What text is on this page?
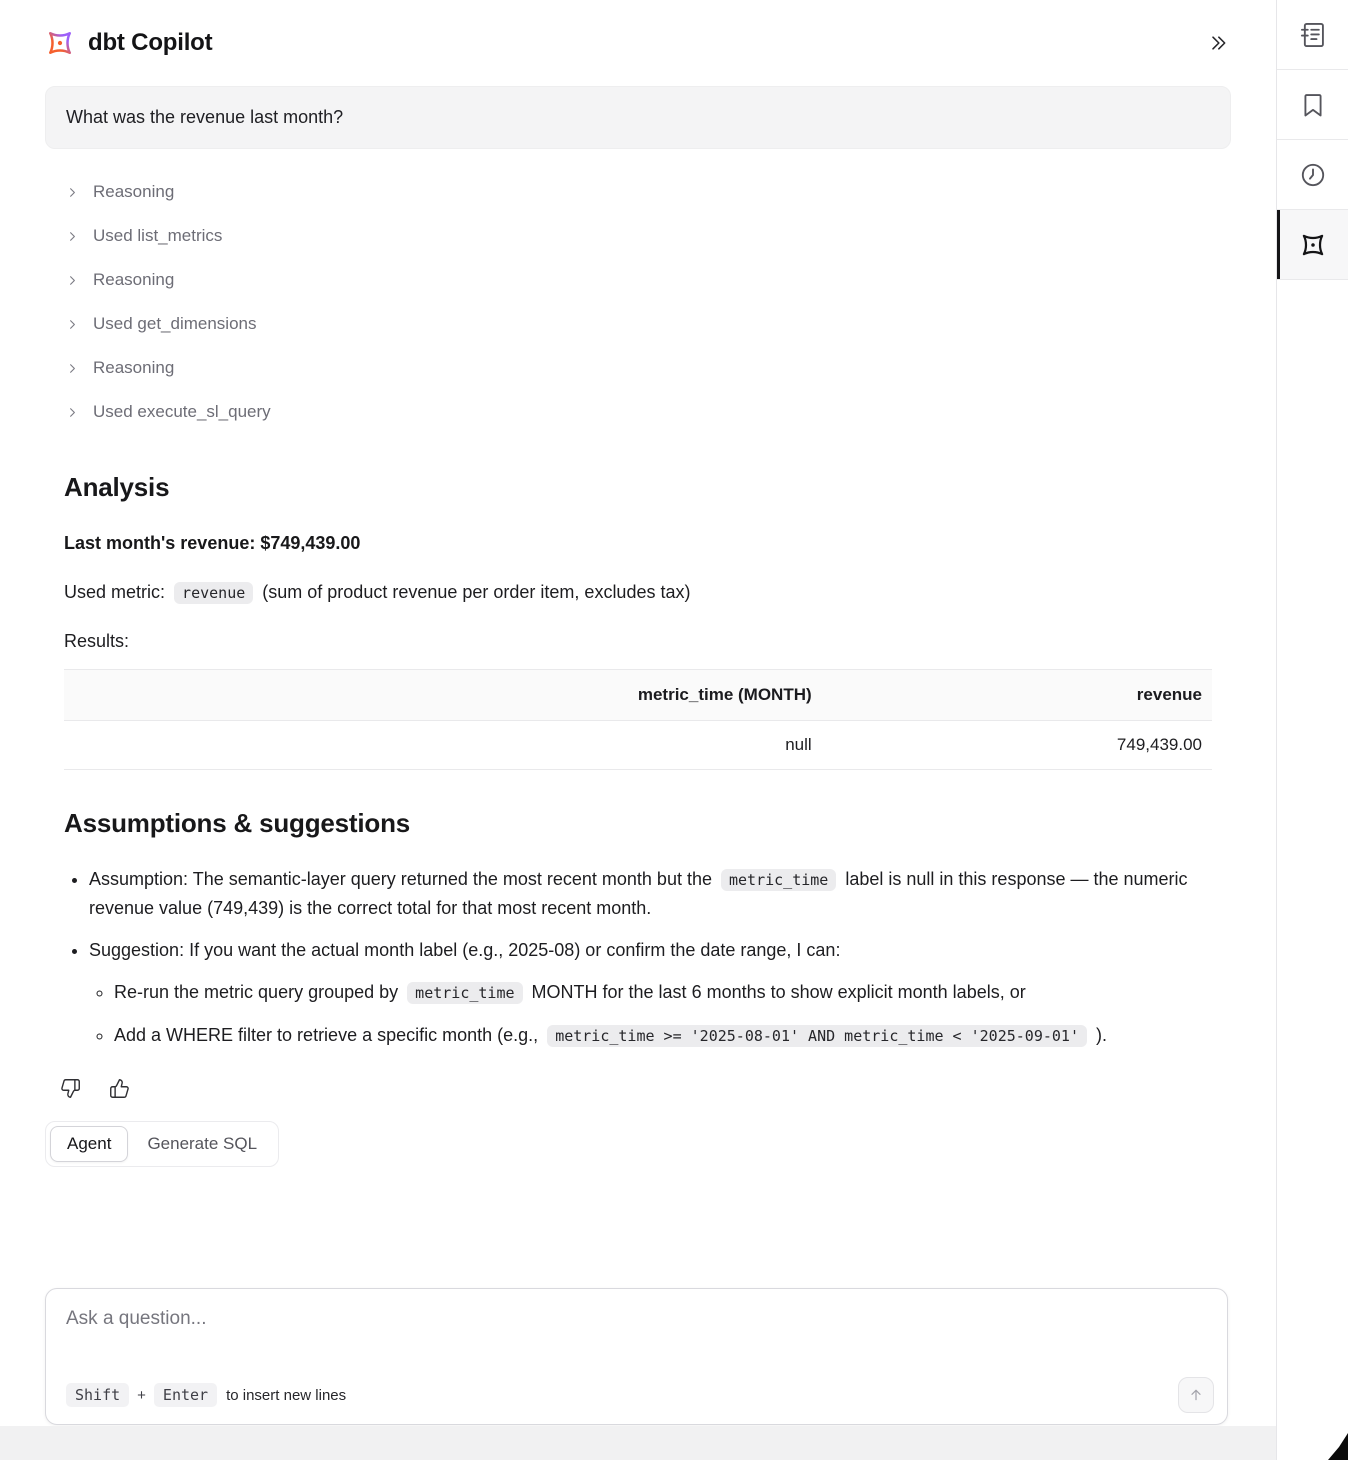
dbt Copilot
What was the revenue last month?
Reasoning
Used list_metrics
Reasoning
Used get_dimensions
Reasoning
Used execute_sl_query
Analysis

Last month's revenue: $749,439.00

Used metric: revenue (sum of product revenue per order item, excludes tax)

Results:

metric_time (MONTH)	revenue
null	749,439.00
Assumptions & suggestions
• Assumption: The semantic-layer query returned the most recent month but the metric_time label is null in this response — the numeric revenue value (749,439) is the correct total for that most recent month.
• Suggestion: If you want the actual month label (e.g., 2025-08) or confirm the date range, I can:
◦ Re-run the metric query grouped by metric_time MONTH for the last 6 months to show explicit month labels, or
◦ Add a WHERE filter to retrieve a specific month (e.g., metric_time >= '2025-08-01' AND metric_time < '2025-09-01' ).
Agent	Generate SQL
Ask a question...
Shift	+	Enter	to insert new lines
